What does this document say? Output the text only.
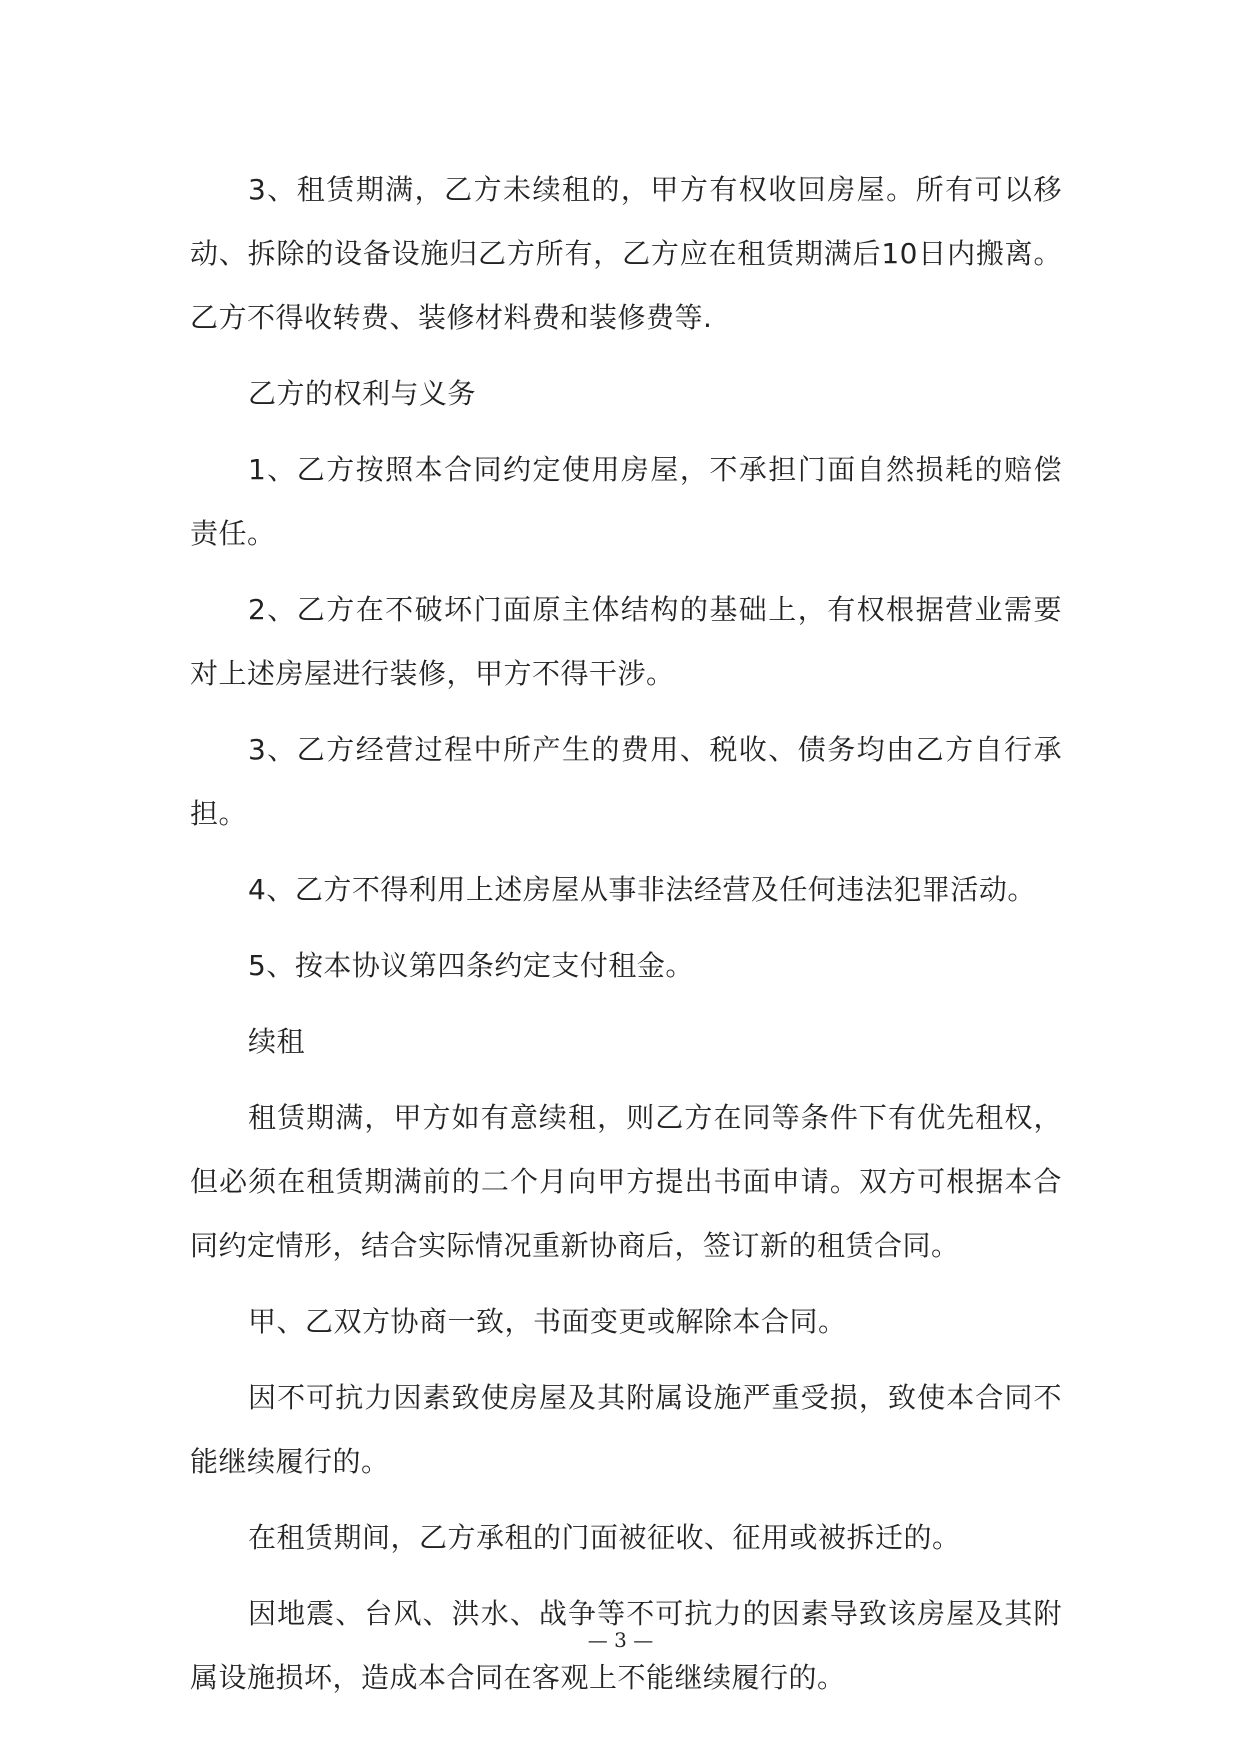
3、租赁期满，乙方未续租的，甲方有权收回房屋。所有可以移动、拆除的设备设施归乙方所有，乙方应在租赁期满后10日内搬离。乙方不得收转费、装修材料费和装修费等.

乙方的权利与义务

1、乙方按照本合同约定使用房屋，不承担门面自然损耗的赔偿责任。

2、乙方在不破坏门面原主体结构的基础上，有权根据营业需要对上述房屋进行装修，甲方不得干涉。

3、乙方经营过程中所产生的费用、税收、债务均由乙方自行承担。

4、乙方不得利用上述房屋从事非法经营及任何违法犯罪活动。

5、按本协议第四条约定支付租金。

续租

租赁期满，甲方如有意续租，则乙方在同等条件下有优先租权，但必须在租赁期满前的二个月向甲方提出书面申请。双方可根据本合同约定情形，结合实际情况重新协商后，签订新的租赁合同。

甲、乙双方协商一致，书面变更或解除本合同。

因不可抗力因素致使房屋及其附属设施严重受损，致使本合同不能继续履行的。

在租赁期间，乙方承租的门面被征收、征用或被拆迁的。

因地震、台风、洪水、战争等不可抗力的因素导致该房屋及其附属设施损坏，造成本合同在客观上不能继续履行的。

— 3 —
